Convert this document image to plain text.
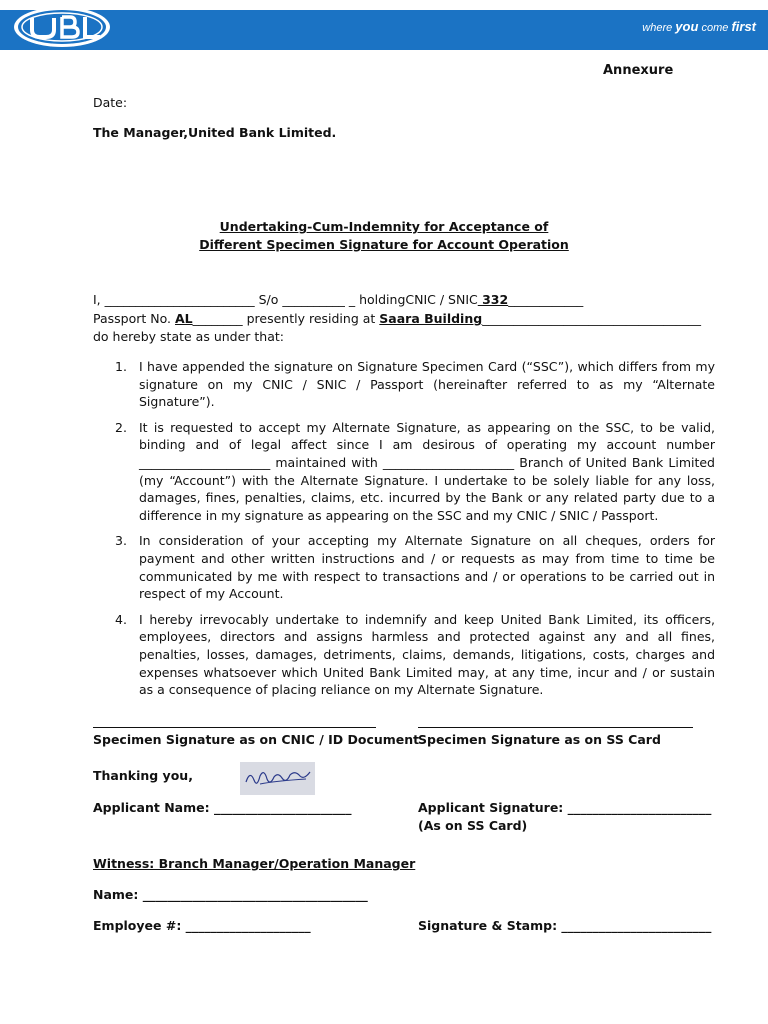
where you come first
Annexure
Date:
The Manager,United Bank Limited.
Undertaking-Cum-Indemnity for Acceptance of
Different Specimen Signature for Account Operation
I, ________________________ S/o __________ _ holdingCNIC / SNIC 332____________
Passport No. AL________ presently residing at Saara Building___________________________________
do hereby state as under that:
1. I have appended the signature on Signature Specimen Card (“SSC”), which differs from my signature on my CNIC / SNIC / Passport (hereinafter referred to as my “Alternate Signature”).
2. It is requested to accept my Alternate Signature, as appearing on the SSC, to be valid, binding and of legal affect since I am desirous of operating my account number _____________________ maintained with _____________________ Branch of United Bank Limited (my “Account”) with the Alternate Signature. I undertake to be solely liable for any loss, damages, fines, penalties, claims, etc. incurred by the Bank or any related party due to a difference in my signature as appearing on the SSC and my CNIC / SNIC / Passport.
3. In consideration of your accepting my Alternate Signature on all cheques, orders for payment and other written instructions and / or requests as may from time to time be communicated by me with respect to transactions and / or operations to be carried out in respect of my Account.
4. I hereby irrevocably undertake to indemnify and keep United Bank Limited, its officers, employees, directors and assigns harmless and protected against any and all fines, penalties, losses, damages, detriments, claims, demands, litigations, costs, charges and expenses whatsoever which United Bank Limited may, at any time, incur and / or sustain as a consequence of placing reliance on my Alternate Signature.
Specimen Signature as on CNIC / ID Document
Specimen Signature as on SS Card
Thanking you,
Applicant Name: ______________________	Applicant Signature: _______________________
(As on SS Card)
Witness: Branch Manager/Operation Manager
Name: ____________________________________
Employee #: ____________________	Signature & Stamp: ________________________
